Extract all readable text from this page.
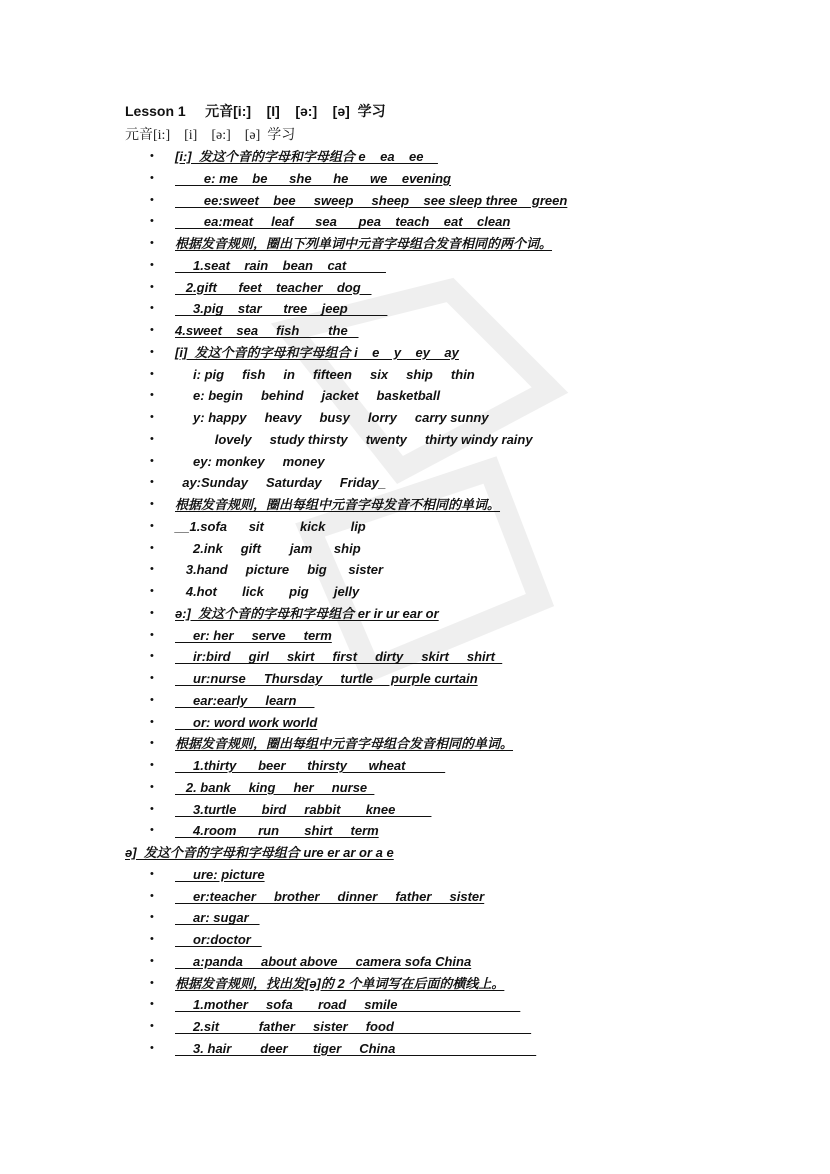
Lesson 1     元音[i:]    [I]    [ə:]    [ə]  学习
元音[i:]    [i]    [ə:]    [ə]  学习
• [i:]  发这个音的字母和字母组合 e    ea    ee
• e: me    be      she      he      we    evening
• ee:sweet    bee     sweep     sheep    see sleep three    green
• ea:meat     leaf      sea      pea    teach    eat    clean
• 根据发音规则，圈出下列单词中元音字母组合发音相同的两个词。
• 1.seat    rain    bean    cat
• 2.gift      feet    teacher    dog
• 3.pig    star      tree    jeep
• 4.sweet    sea     fish        the
• [i]  发这个音的字母和字母组合 i    e    y    ey    ay
• i: pig     fish     in     fifteen     six     ship     thin
• e: begin     behind     jacket     basketball
• y: happy     heavy     busy     lorry     carry sunny
• lovely     study thirsty     twenty     thirty windy rainy
• ey: monkey     money
• ay:Sunday     Saturday     Friday_
• 根据发音规则，圈出每组中元音字母发音不相同的单词。
• __1.sofa      sit          kick       lip
• 2.ink     gift        jam      ship
• 3.hand     picture     big      sister
• 4.hot       lick       pig       jelly
• ə:]  发这个音的字母和字母组合 er ir ur ear or
• er: her     serve     term
• ir:bird     girl     skirt     first     dirty     skirt     shirt
• ur:nurse     Thursday     turtle     purple curtain
• ear:early     learn
• or: word work world
• 根据发音规则，圈出每组中元音字母组合发音相同的单词。
• 1.thirty      beer      thirsty      wheat
• 2. bank     king     her     nurse
• 3.turtle       bird     rabbit       knee
• 4.room      run       shirt     term
ə]  发这个音的字母和字母组合 ure er ar or a e
• ure: picture
• er:teacher     brother     dinner     father     sister
• ar: sugar
• or:doctor
• a:panda     about above     camera sofa China
• 根据发音规则，找出发[ə]的 2 个单词写在后面的横线上。
• 1.mother     sofa       road     smile
• 2.sit           father     sister     food
• 3. hair        deer       tiger     China
